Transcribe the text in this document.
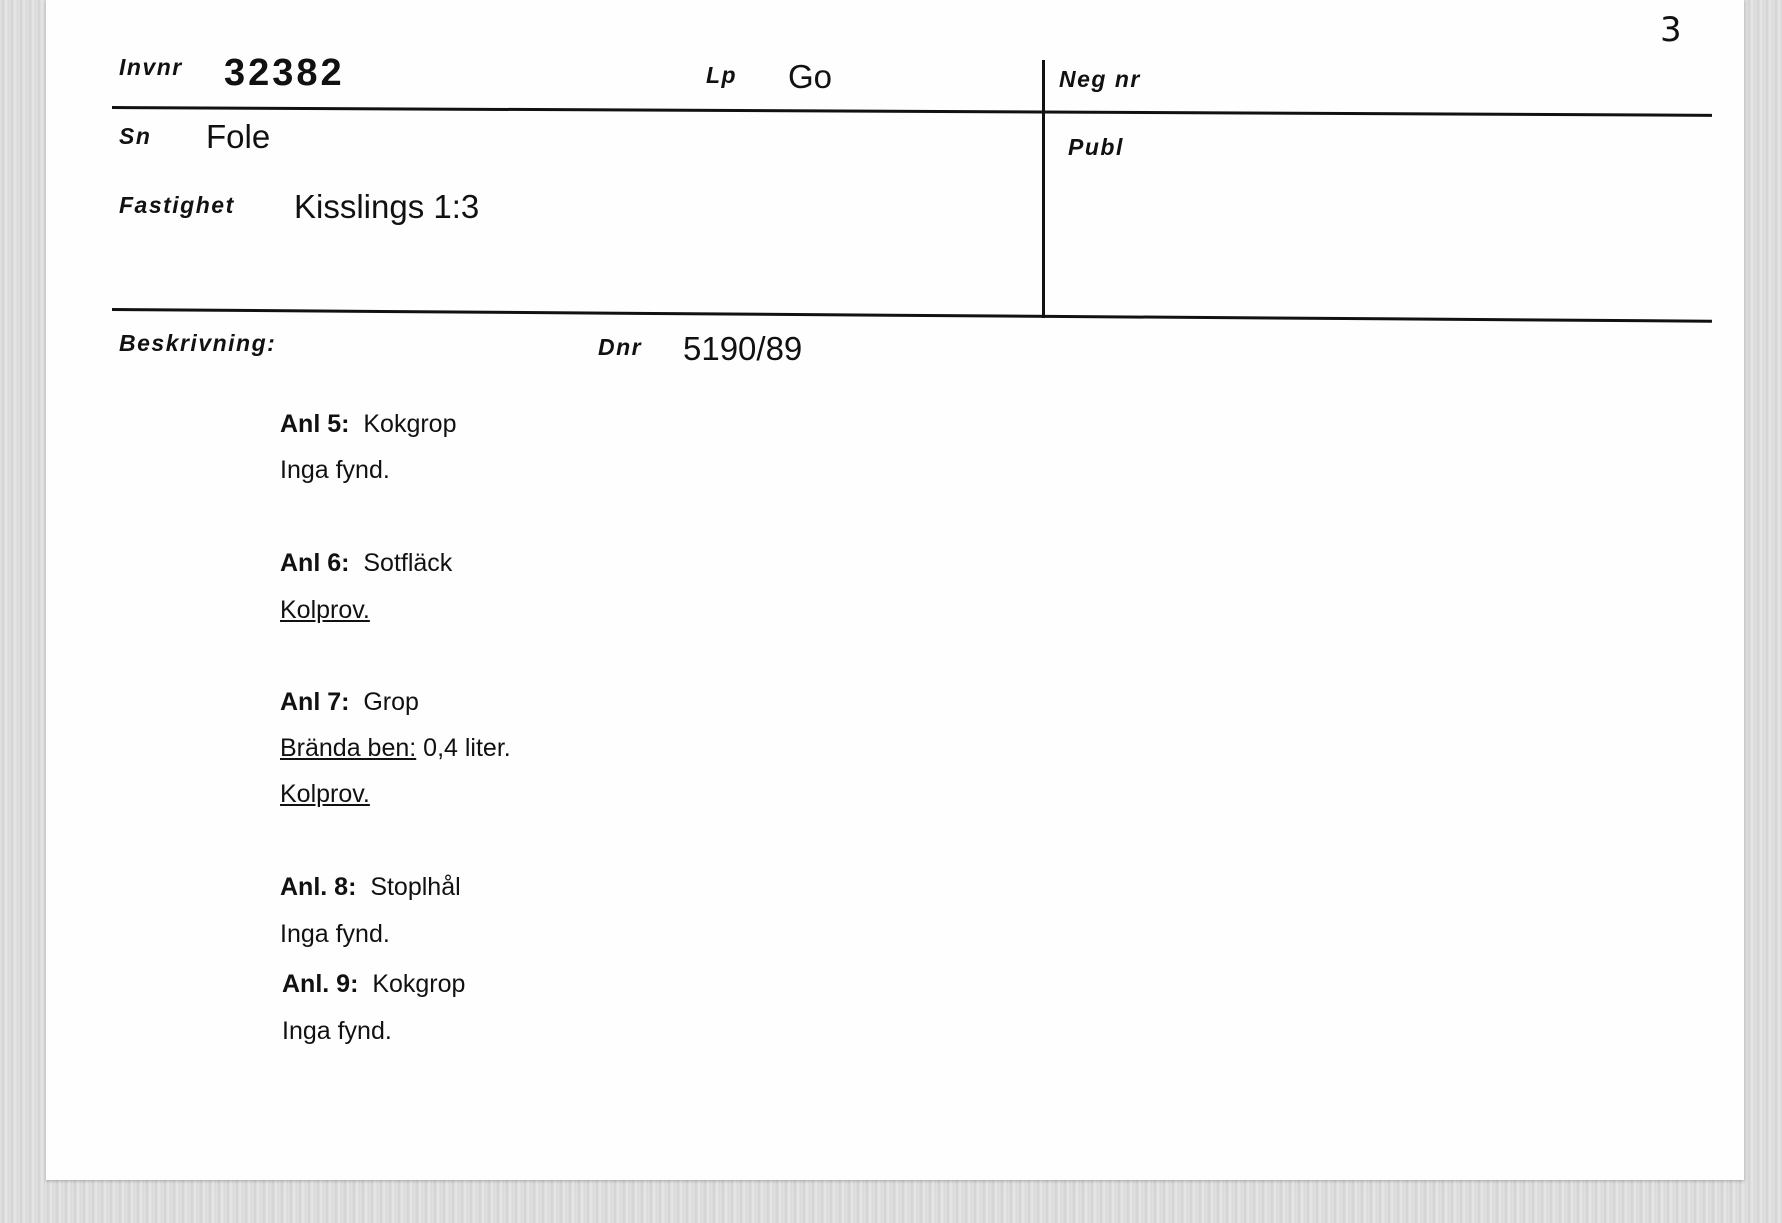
3
Invnr 32382	Lp Go	Neg nr
Sn Fole	Publ
Fastighet Kisslings 1:3
Beskrivning:	Dnr 5190/89
Anl 5: Kokgrop
Inga fynd.
Anl 6: Sotfläck
Kolprov.
Anl 7: Grop
Brända ben: 0,4 liter.
Kolprov.
Anl. 8: Stoplhål
Inga fynd.
Anl. 9: Kokgrop
Inga fynd.
